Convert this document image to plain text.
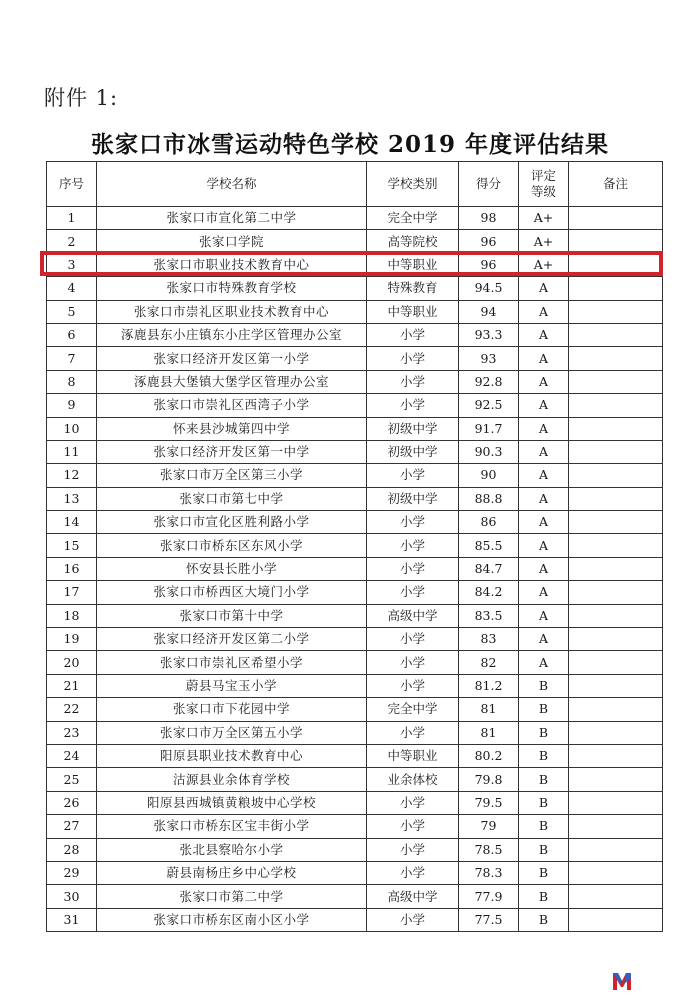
附件 1:
张家口市冰雪运动特色学校 2019 年度评估结果
序号	学校名称	学校类别	得分	评定等级	备注
1	张家口市宣化第二中学	完全中学	98	A+	
2	张家口学院	高等院校	96	A+	
3	张家口市职业技术教育中心	中等职业	96	A+	
4	张家口市特殊教育学校	特殊教育	94.5	A	
5	张家口市崇礼区职业技术教育中心	中等职业	94	A	
6	涿鹿县东小庄镇东小庄学区管理办公室	小学	93.3	A	
7	张家口经济开发区第一小学	小学	93	A	
8	涿鹿县大堡镇大堡学区管理办公室	小学	92.8	A	
9	张家口市崇礼区西湾子小学	小学	92.5	A	
10	怀来县沙城第四中学	初级中学	91.7	A	
11	张家口经济开发区第一中学	初级中学	90.3	A	
12	张家口市万全区第三小学	小学	90	A	
13	张家口市第七中学	初级中学	88.8	A	
14	张家口市宣化区胜利路小学	小学	86	A	
15	张家口市桥东区东风小学	小学	85.5	A	
16	怀安县长胜小学	小学	84.7	A	
17	张家口市桥西区大境门小学	小学	84.2	A	
18	张家口市第十中学	高级中学	83.5	A	
19	张家口经济开发区第二小学	小学	83	A	
20	张家口市崇礼区希望小学	小学	82	A	
21	蔚县马宝玉小学	小学	81.2	B	
22	张家口市下花园中学	完全中学	81	B	
23	张家口市万全区第五小学	小学	81	B	
24	阳原县职业技术教育中心	中等职业	80.2	B	
25	沽源县业余体育学校	业余体校	79.8	B	
26	阳原县西城镇黄粮坡中心学校	小学	79.5	B	
27	张家口市桥东区宝丰街小学	小学	79	B	
28	张北县察哈尔小学	小学	78.5	B	
29	蔚县南杨庄乡中心学校	小学	78.3	B	
30	张家口市第二中学	高级中学	77.9	B	
31	张家口市桥东区南小区小学	小学	77.5	B	
